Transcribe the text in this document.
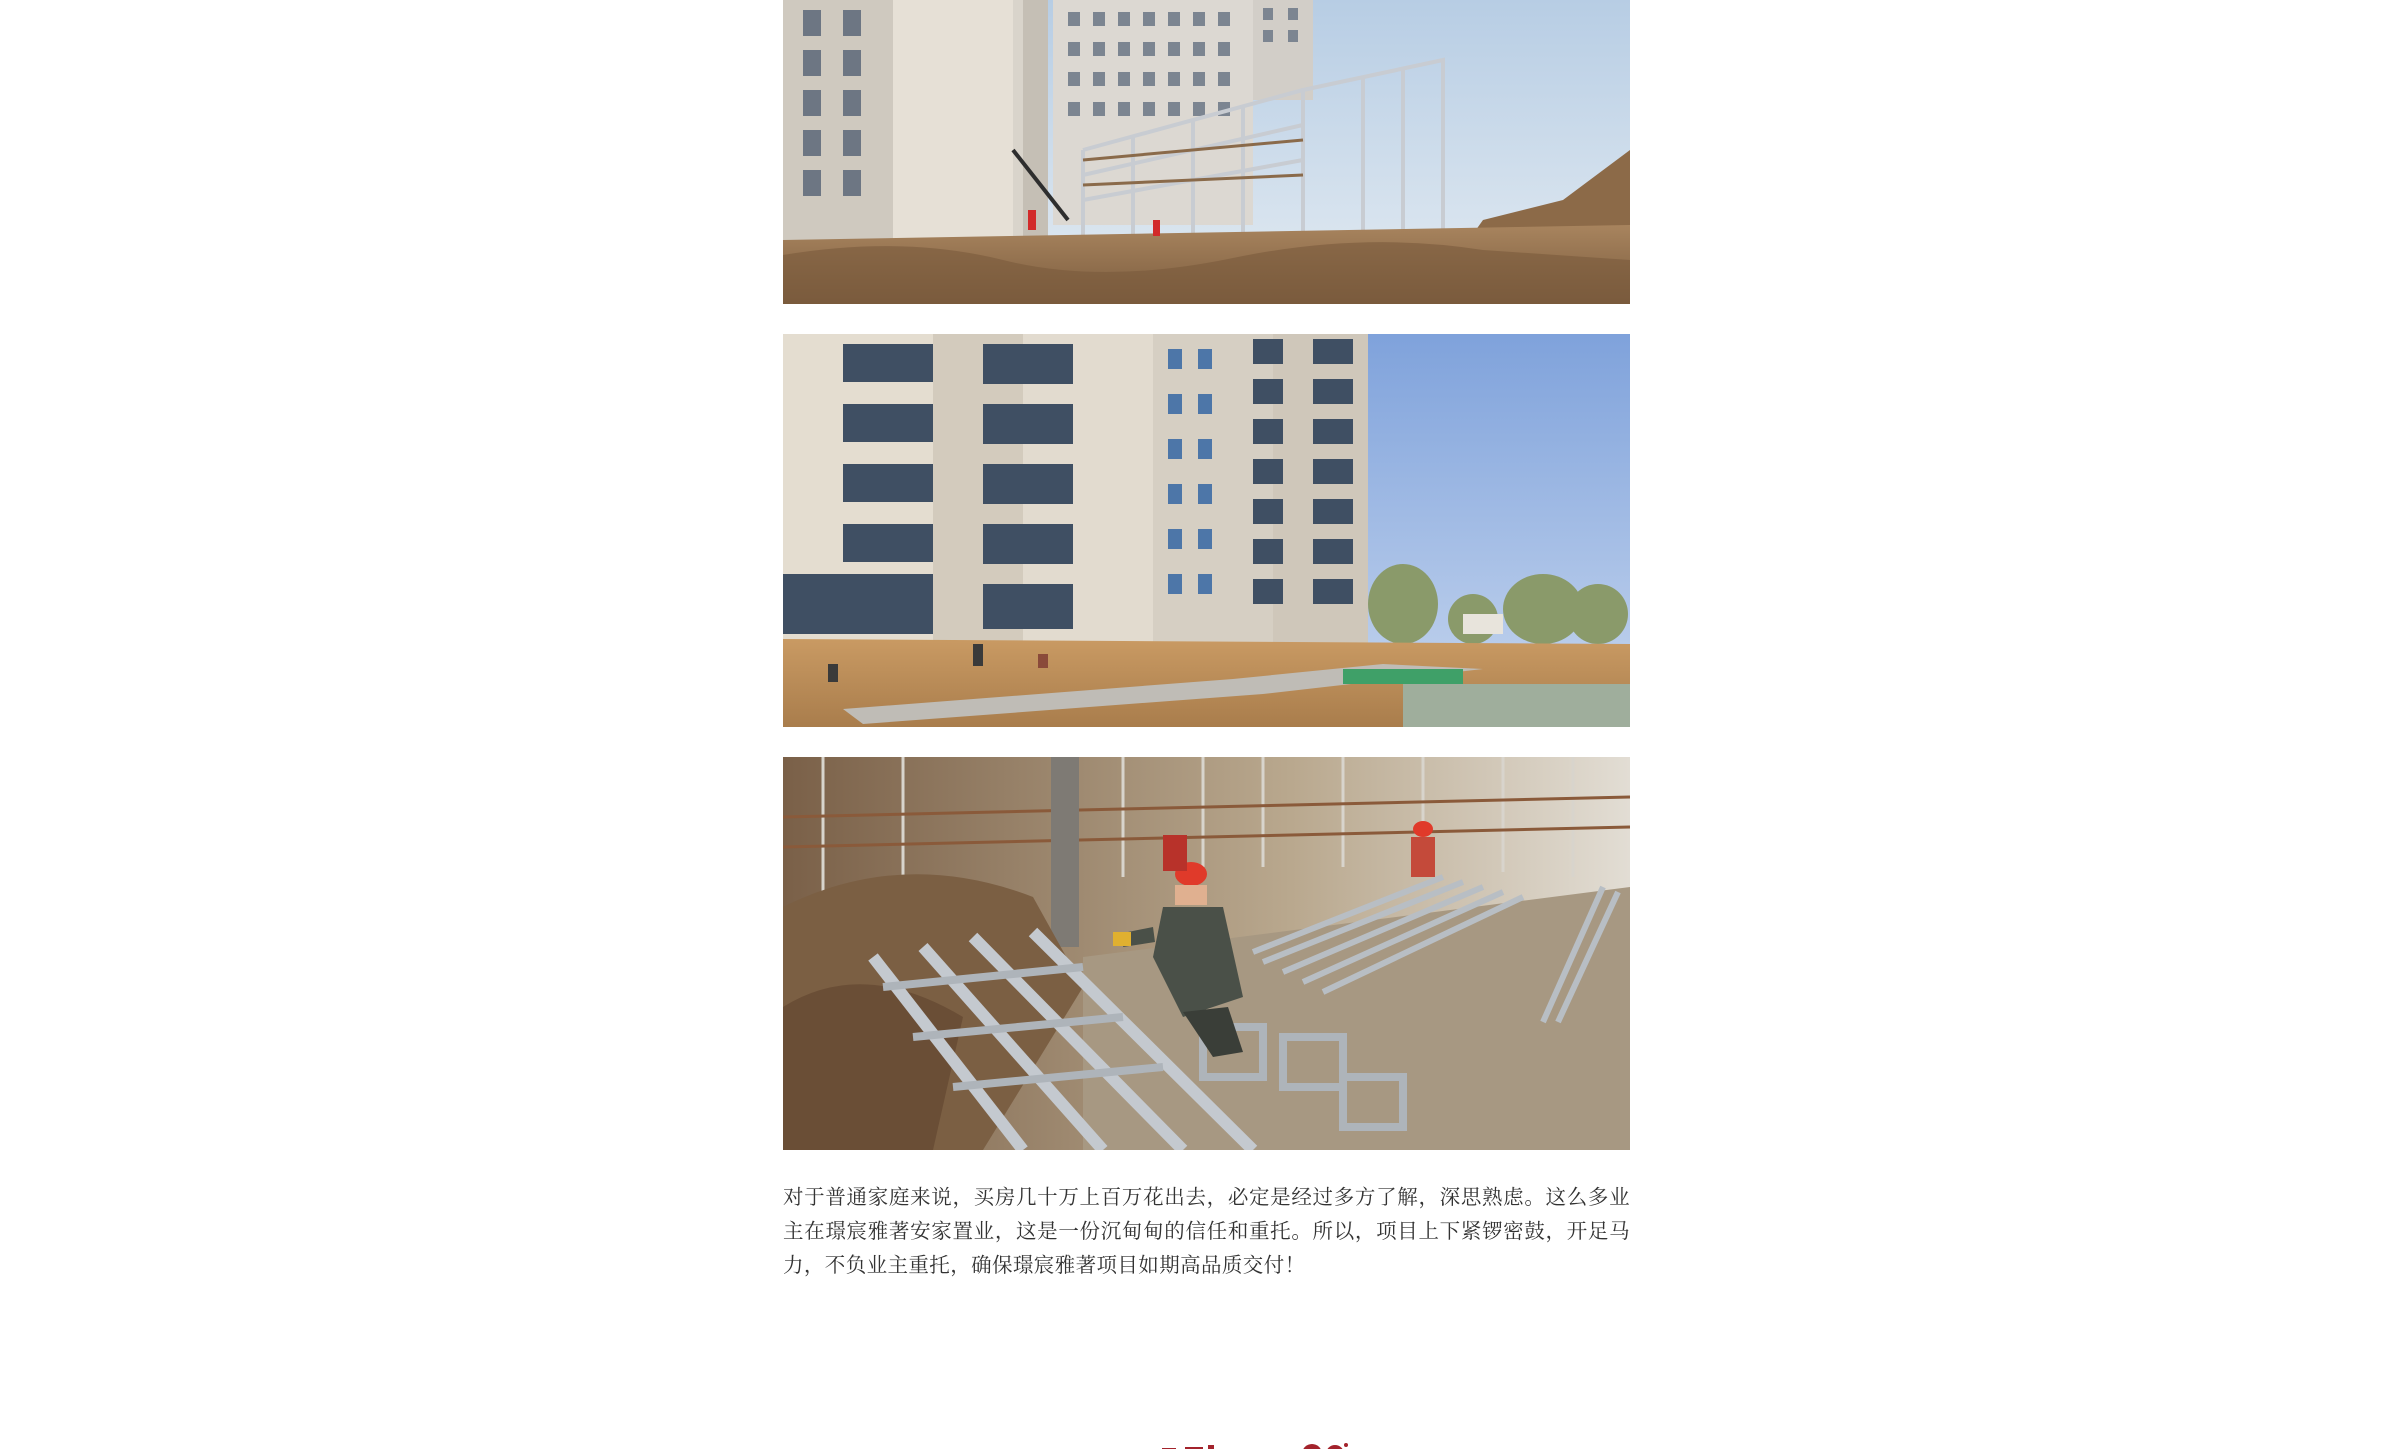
对于普通家庭来说，买房几十万上百万花出去，必定是经过多方了解，深思熟虑。这么多业主在璟宸雅著安家置业，这是一份沉甸甸的信任和重托。所以，项目上下紧锣密鼓，开足马力，不负业主重托，确保璟宸雅著项目如期高品质交付！
